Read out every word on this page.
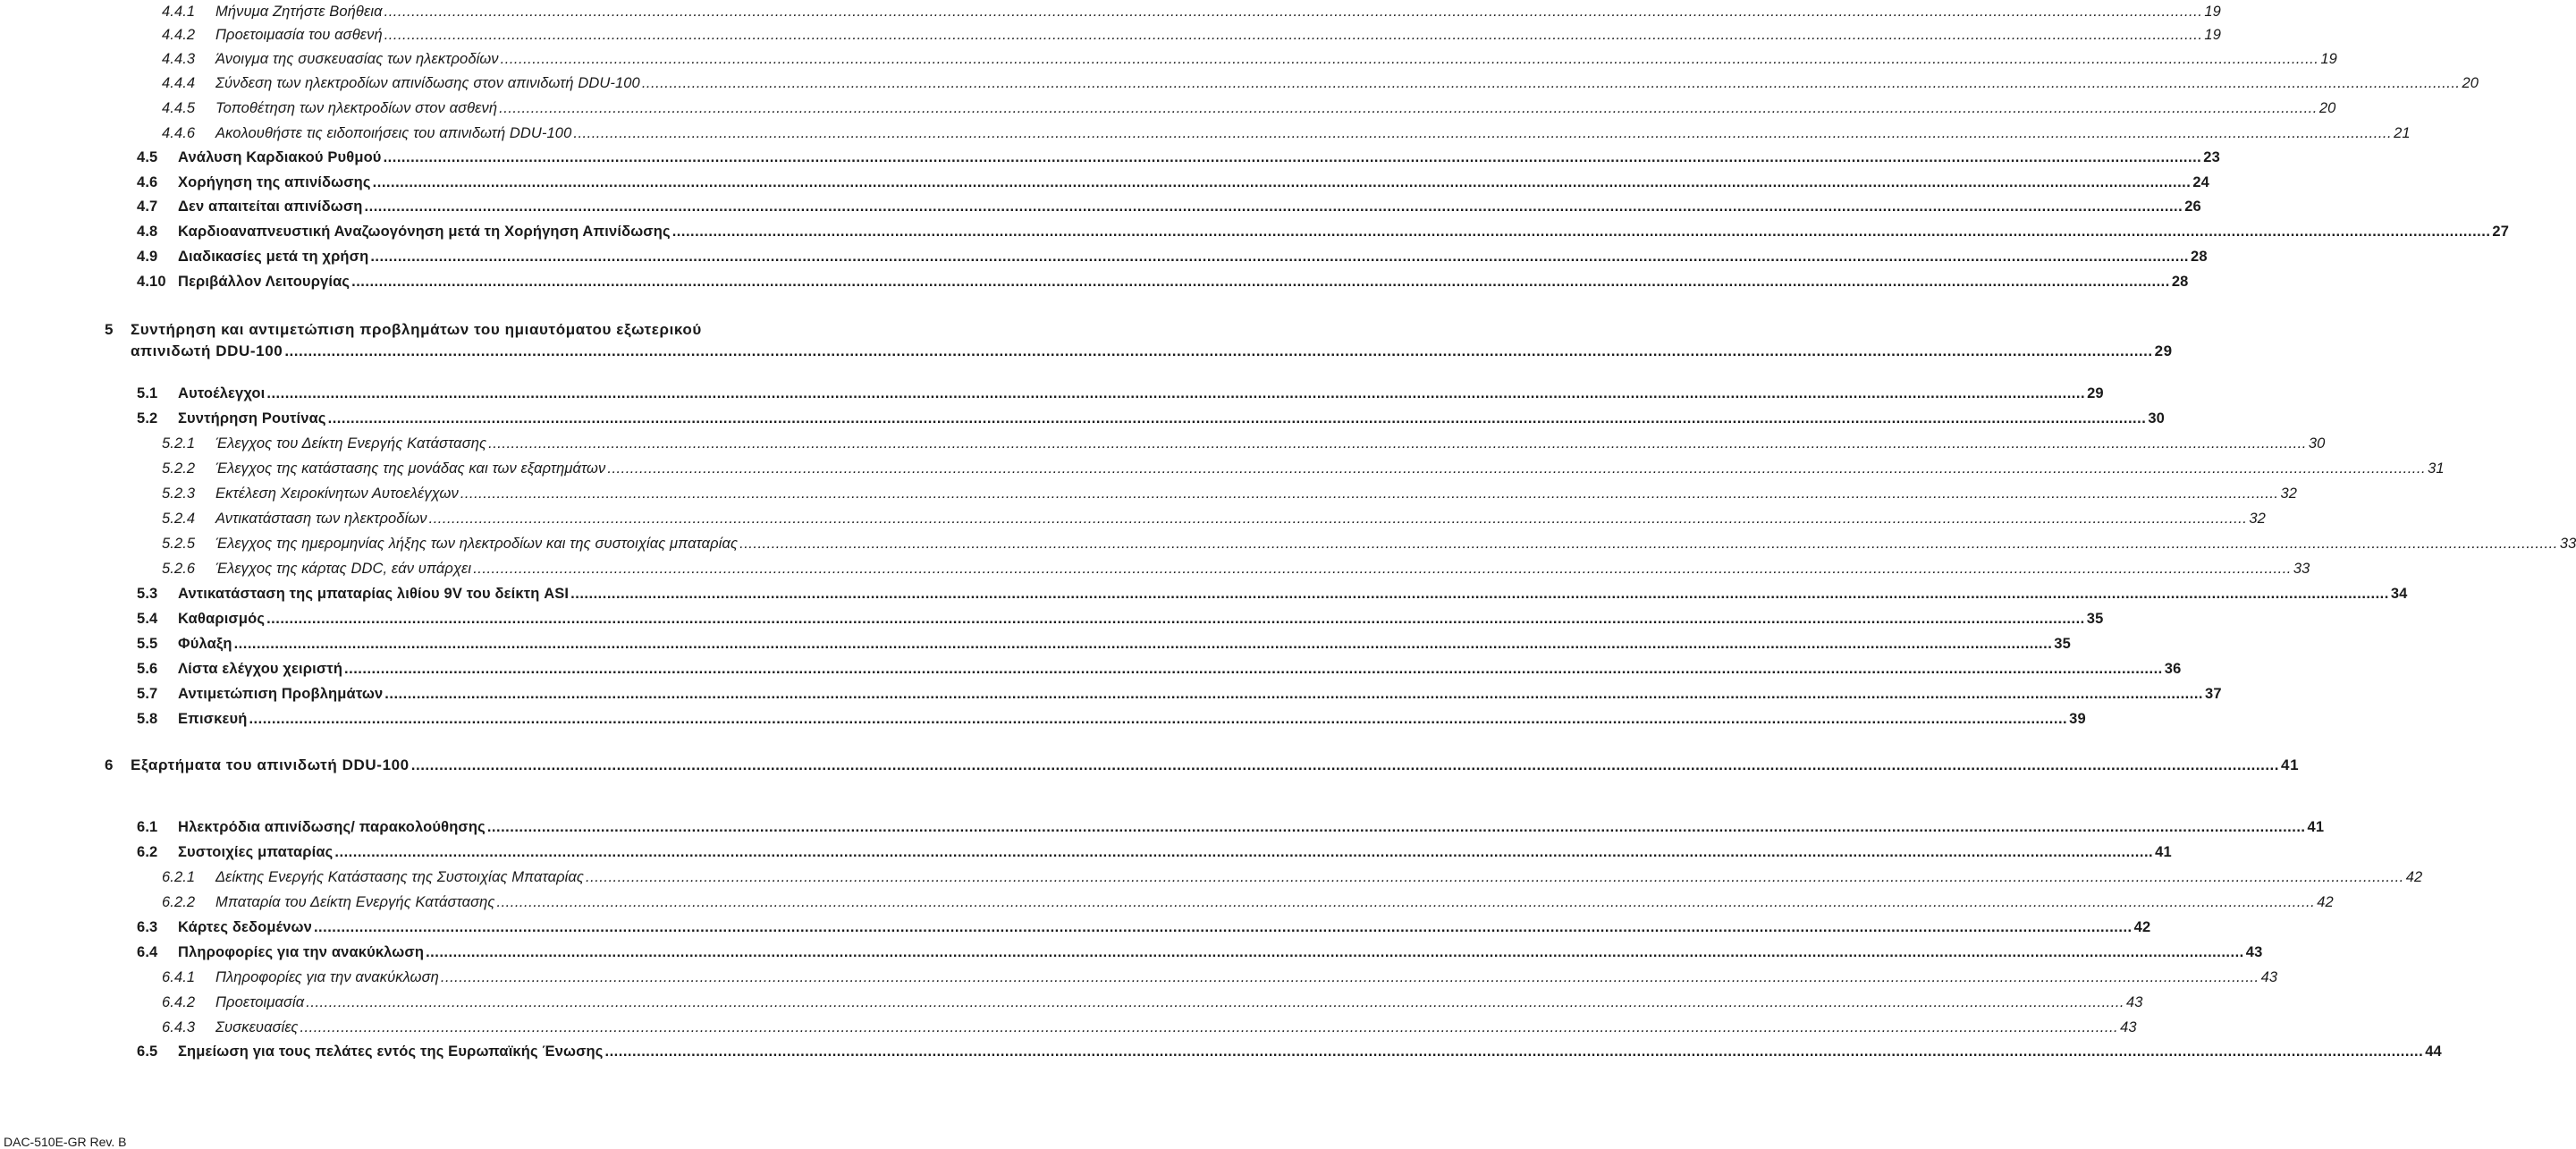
4.4.1	Μήνυμα Ζητήστε Βοήθεια ................................................................................................................................................................................................................................................................................................................................................................................................................ 19
4.4.2	Προετοιμασία του ασθενή ................................................................................................................................................................................................................................................................................................................................................................................................................ 19
4.4.3	Άνοιγμα της συσκευασίας των ηλεκτροδίων ................................................................................................................................................................................................................................................................................................................................................................................................................ 19
4.4.4	Σύνδεση των ηλεκτροδίων απινίδωσης στον απινιδωτή DDU-100 ................................................................................................................................................................................................................................................................................................................................................................................................................ 20
4.4.5	Τοποθέτηση των ηλεκτροδίων στον ασθενή ................................................................................................................................................................................................................................................................................................................................................................................................................ 20
4.4.6	Ακολουθήστε τις ειδοποιήσεις του απινιδωτή DDU-100 ................................................................................................................................................................................................................................................................................................................................................................................................................ 21
4.5	Ανάλυση Καρδιακού Ρυθμού ................................................................................................................................................................................................................................................................................................................................................................................................................ 23
4.6	Χορήγηση της απινίδωσης ................................................................................................................................................................................................................................................................................................................................................................................................................ 24
4.7	Δεν απαιτείται απινίδωση ................................................................................................................................................................................................................................................................................................................................................................................................................ 26
4.8	Καρδιοαναπνευστική Αναζωογόνηση μετά τη Χορήγηση Απινίδωσης ................................................................................................................................................................................................................................................................................................................................................................................................................ 27
4.9	Διαδικασίες μετά τη χρήση ................................................................................................................................................................................................................................................................................................................................................................................................................ 28
4.10 Περιβάλλον Λειτουργίας ................................................................................................................................................................................................................................................................................................................................................................................................................ 28
5	Συντήρηση και αντιμετώπιση προβλημάτων του ημιαυτόματου εξωτερικού
απινιδωτή DDU-100 ................................................................................................................................................................................................................................................................................................................................................................................................................ 29
5.1	Αυτοέλεγχοι ................................................................................................................................................................................................................................................................................................................................................................................................................ 29
5.2	Συντήρηση Ρουτίνας ................................................................................................................................................................................................................................................................................................................................................................................................................ 30
5.2.1	Έλεγχος του Δείκτη Ενεργής Κατάστασης ................................................................................................................................................................................................................................................................................................................................................................................................................ 30
5.2.2	Έλεγχος της κατάστασης της μονάδας και των εξαρτημάτων ................................................................................................................................................................................................................................................................................................................................................................................................................ 31
5.2.3	Εκτέλεση Χειροκίνητων Αυτοελέγχων ................................................................................................................................................................................................................................................................................................................................................................................................................ 32
5.2.4	Αντικατάσταση των ηλεκτροδίων ................................................................................................................................................................................................................................................................................................................................................................................................................ 32
5.2.5	Έλεγχος της ημερομηνίας λήξης των ηλεκτροδίων και της συστοιχίας μπαταρίας ................................................................................................................................................................................................................................................................................................................................................................................................................ 33
5.2.6	Έλεγχος της κάρτας DDC, εάν υπάρχει ................................................................................................................................................................................................................................................................................................................................................................................................................ 33
5.3	Αντικατάσταση της μπαταρίας λιθίου 9V του δείκτη ASI ................................................................................................................................................................................................................................................................................................................................................................................................................ 34
5.4	Καθαρισμός ................................................................................................................................................................................................................................................................................................................................................................................................................ 35
5.5	Φύλαξη ................................................................................................................................................................................................................................................................................................................................................................................................................ 35
5.6	Λίστα ελέγχου χειριστή ................................................................................................................................................................................................................................................................................................................................................................................................................ 36
5.7	Αντιμετώπιση Προβλημάτων ................................................................................................................................................................................................................................................................................................................................................................................................................ 37
5.8	Επισκευή ................................................................................................................................................................................................................................................................................................................................................................................................................ 39
6	Εξαρτήματα του απινιδωτή DDU-100 ................................................................................................................................................................................................................................................................................................................................................................................................................ 41
6.1	Ηλεκτρόδια απινίδωσης/ παρακολούθησης ................................................................................................................................................................................................................................................................................................................................................................................................................ 41
6.2	Συστοιχίες μπαταρίας ................................................................................................................................................................................................................................................................................................................................................................................................................ 41
6.2.1	Δείκτης Ενεργής Κατάστασης της Συστοιχίας Μπαταρίας ................................................................................................................................................................................................................................................................................................................................................................................................................ 42
6.2.2	Μπαταρία του Δείκτη Ενεργής Κατάστασης ................................................................................................................................................................................................................................................................................................................................................................................................................ 42
6.3	Κάρτες δεδομένων ................................................................................................................................................................................................................................................................................................................................................................................................................ 42
6.4	Πληροφορίες για την ανακύκλωση ................................................................................................................................................................................................................................................................................................................................................................................................................ 43
6.4.1	Πληροφορίες για την ανακύκλωση ................................................................................................................................................................................................................................................................................................................................................................................................................ 43
6.4.2	Προετοιμασία ................................................................................................................................................................................................................................................................................................................................................................................................................ 43
6.4.3	Συσκευασίες ................................................................................................................................................................................................................................................................................................................................................................................................................ 43
6.5	Σημείωση για τους πελάτες εντός της Ευρωπαϊκής Ένωσης ................................................................................................................................................................................................................................................................................................................................................................................................................ 44
DAC-510E-GR Rev. B
